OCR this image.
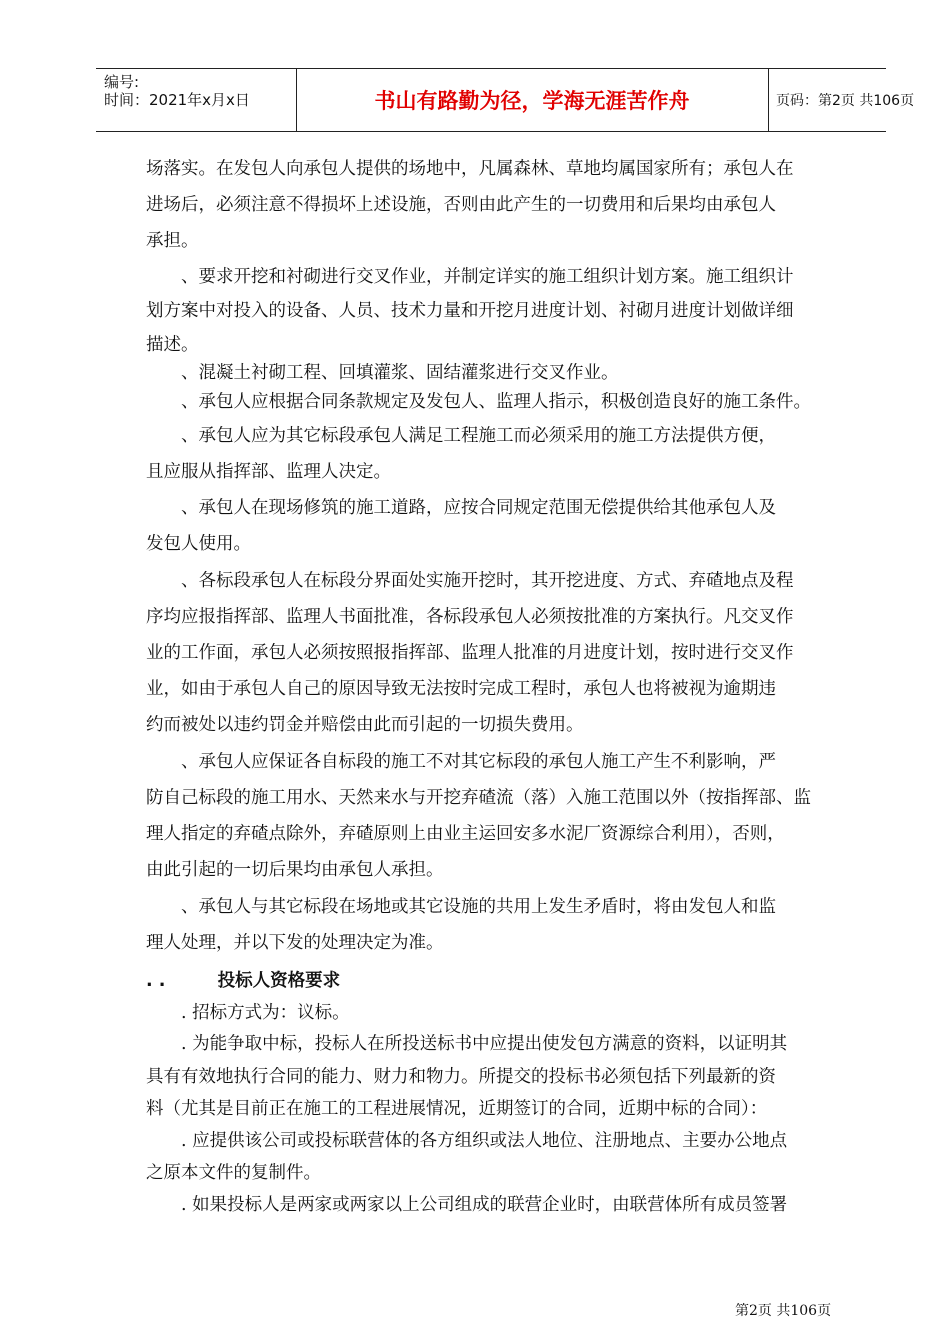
编号:
时间：2021年x月x日	书山有路勤为径，学海无涯苦作舟	页码：第2页 共106页
场落实。在发包人向承包人提供的场地中，凡属森林、草地均属国家所有；承包人在
进场后，必须注意不得损坏上述设施，否则由此产生的一切费用和后果均由承包人
承担。
　　、要求开挖和衬砌进行交叉作业，并制定详实的施工组织计划方案。施工组织计
划方案中对投入的设备、人员、技术力量和开挖月进度计划、衬砌月进度计划做详细
描述。
　　、混凝土衬砌工程、回填灌浆、固结灌浆进行交叉作业。
　　、承包人应根据合同条款规定及发包人、监理人指示，积极创造良好的施工条件。
　　、承包人应为其它标段承包人满足工程施工而必须采用的施工方法提供方便，
且应服从指挥部、监理人决定。
　　、承包人在现场修筑的施工道路，应按合同规定范围无偿提供给其他承包人及
发包人使用。
　　、各标段承包人在标段分界面处实施开挖时，其开挖进度、方式、弃碴地点及程
序均应报指挥部、监理人书面批准，各标段承包人必须按批准的方案执行。凡交叉作
业的工作面，承包人必须按照报指挥部、监理人批准的月进度计划，按时进行交叉作
业，如由于承包人自己的原因导致无法按时完成工程时，承包人也将被视为逾期违
约而被处以违约罚金并赔偿由此而引起的一切损失费用。
　　、承包人应保证各自标段的施工不对其它标段的承包人施工产生不利影响，严
防自己标段的施工用水、天然来水与开挖弃碴流（落）入施工范围以外（按指挥部、监
理人指定的弃碴点除外，弃碴原则上由业主运回安多水泥厂资源综合利用），否则，
由此引起的一切后果均由承包人承担。
　　、承包人与其它标段在场地或其它设施的共用上发生矛盾时，将由发包人和监
理人处理，并以下发的处理决定为准。
. .	投标人资格要求
　　. 招标方式为：议标。
　　. 为能争取中标，投标人在所投送标书中应提出使发包方满意的资料，以证明其
具有有效地执行合同的能力、财力和物力。所提交的投标书必须包括下列最新的资
料（尤其是目前正在施工的工程进展情况，近期签订的合同，近期中标的合同）：
　　. 应提供该公司或投标联营体的各方组织或法人地位、注册地点、主要办公地点
之原本文件的复制件。
　　. 如果投标人是两家或两家以上公司组成的联营企业时，由联营体所有成员签署
第2页 共106页
